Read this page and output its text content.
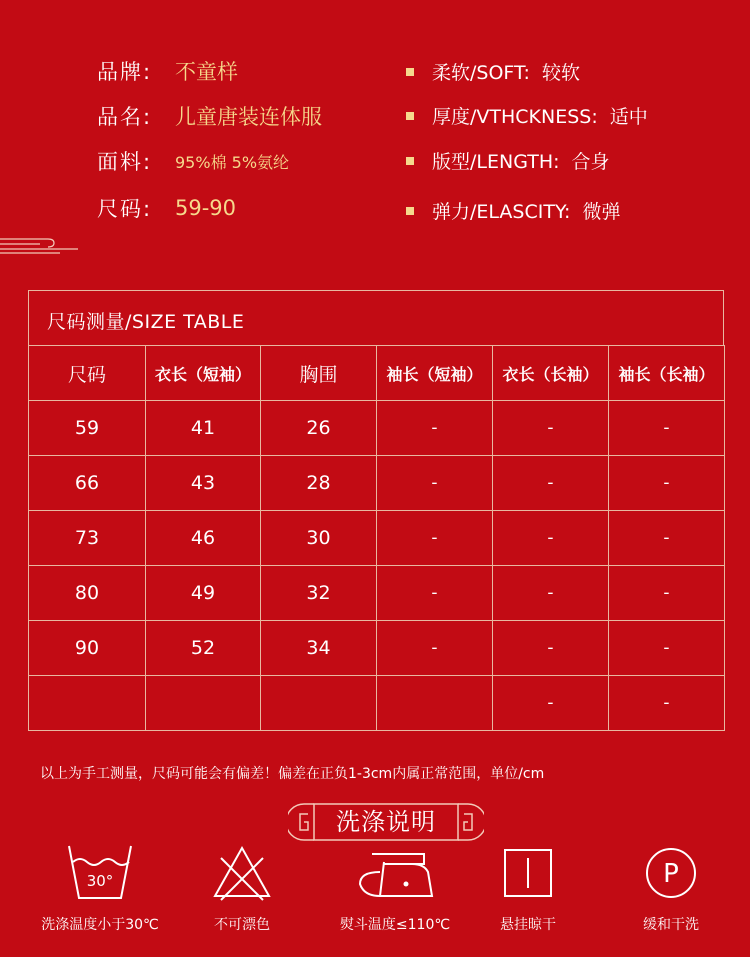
品牌:	不童样
品名:	儿童唐装连体服
面料:	95%棉 5%氨纶
尺码:	59-90
柔软/SOFT: 较软
厚度/VTHCKNESS: 适中
版型/LENGTH: 合身
弹力/ELASCITY: 微弹
尺码测量/SIZE TABLE
尺码	衣长（短袖）	胸围	袖长（短袖）	衣长（长袖）	袖长（长袖）
59	41	26	-	-	-
66	43	28	-	-	-
73	46	30	-	-	-
80	49	32	-	-	-
90	52	34	-	-	-
				-	-
以上为手工测量，尺码可能会有偏差！偏差在正负1-3cm内属正常范围，单位/cm
洗涤说明
30°
洗涤温度小于30℃	不可漂色	熨斗温度≤110℃	悬挂晾干
P
缓和干洗
